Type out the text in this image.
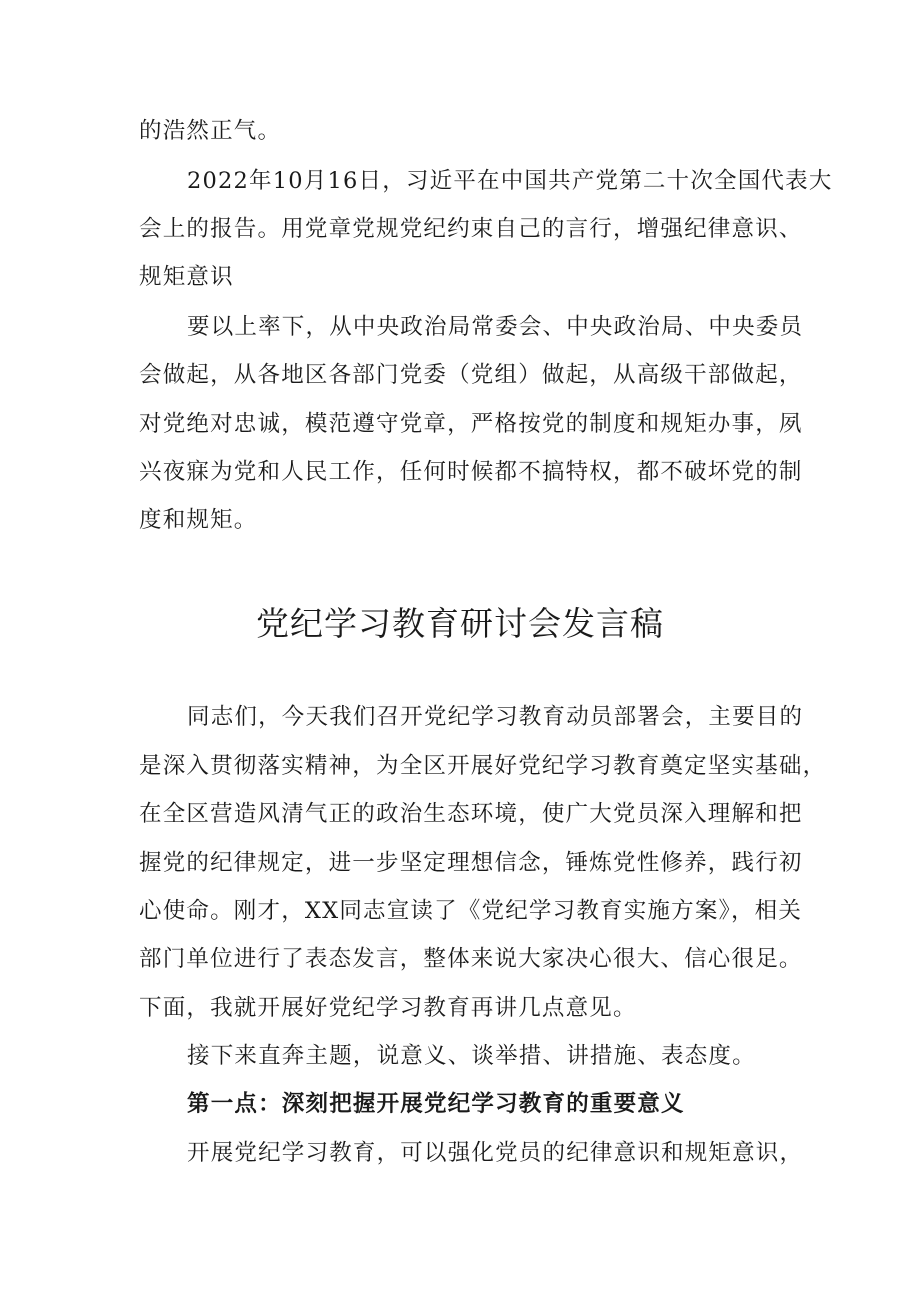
的浩然正气。
2022年10月16日，习近平在中国共产党第二十次全国代表大
会上的报告。用党章党规党纪约束自己的言行，增强纪律意识、
规矩意识
要以上率下，从中央政治局常委会、中央政治局、中央委员
会做起，从各地区各部门党委（党组）做起，从高级干部做起，
对党绝对忠诚，模范遵守党章，严格按党的制度和规矩办事，夙
兴夜寐为党和人民工作，任何时候都不搞特权，都不破坏党的制
度和规矩。
党纪学习教育研讨会发言稿
同志们，今天我们召开党纪学习教育动员部署会，主要目的
是深入贯彻落实精神，为全区开展好党纪学习教育奠定坚实基础，
在全区营造风清气正的政治生态环境，使广大党员深入理解和把
握党的纪律规定，进一步坚定理想信念，锤炼党性修养，践行初
心使命。刚才，XX同志宣读了《党纪学习教育实施方案》，相关
部门单位进行了表态发言，整体来说大家决心很大、信心很足。
下面，我就开展好党纪学习教育再讲几点意见。
接下来直奔主题，说意义、谈举措、讲措施、表态度。
第一点：深刻把握开展党纪学习教育的重要意义
开展党纪学习教育，可以强化党员的纪律意识和规矩意识，
